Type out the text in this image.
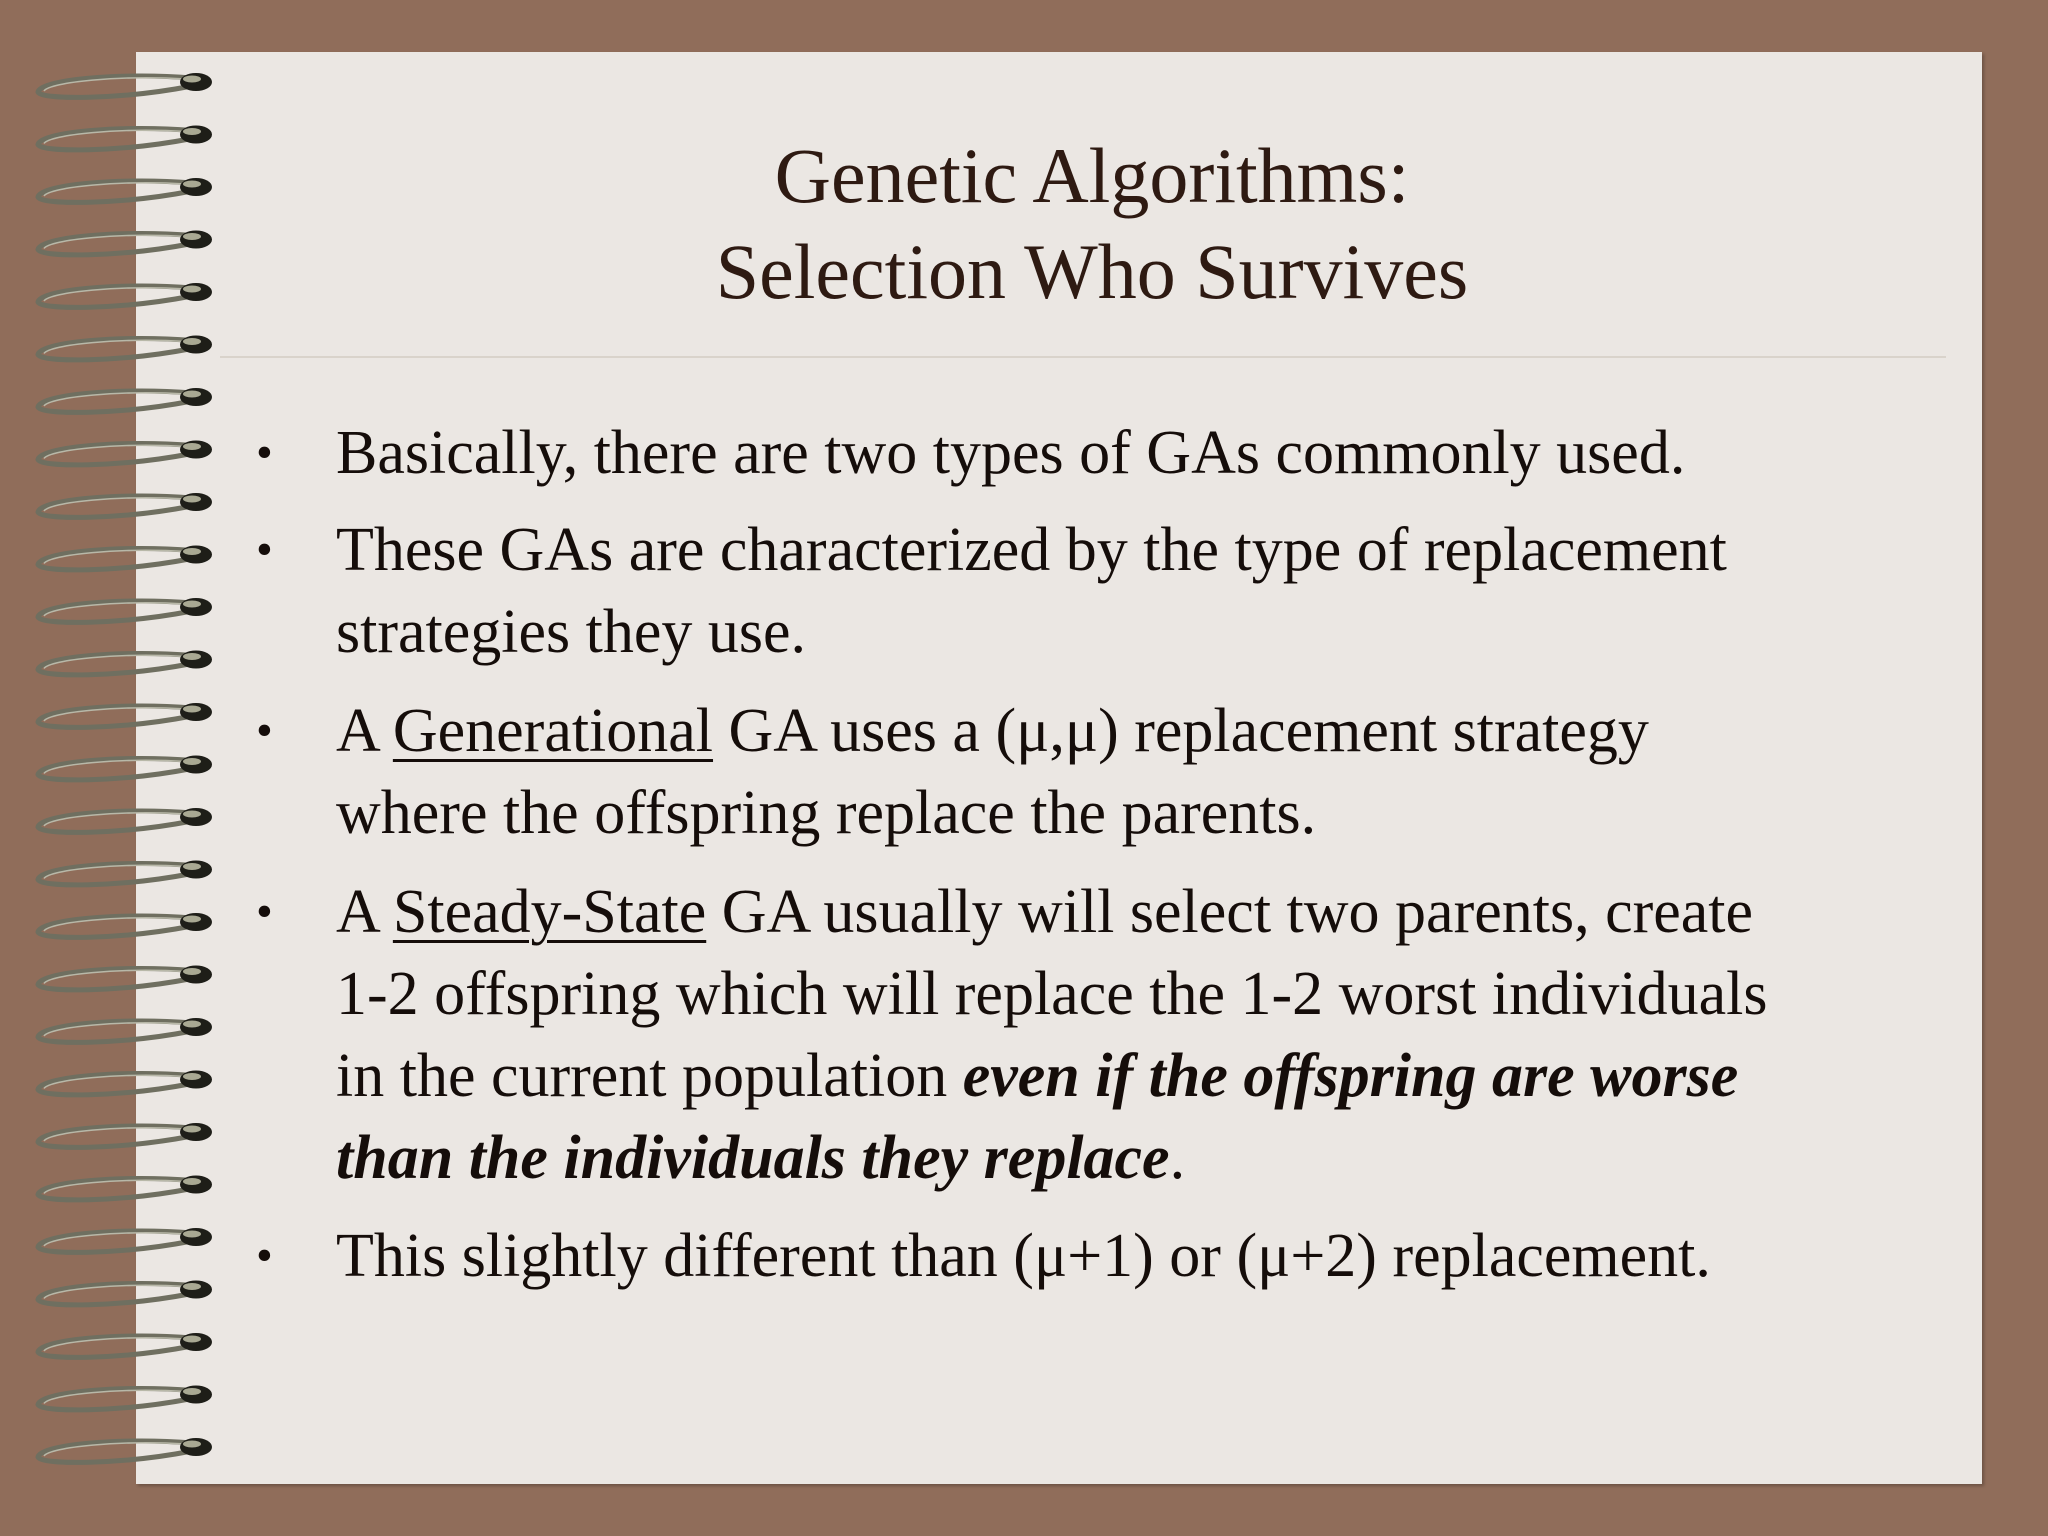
Genetic Algorithms:
Selection Who Survives
• Basically, there are two types of GAs commonly used.
• These GAs are characterized by the type of replacement
strategies they use.
• A Generational GA uses a (μ,μ) replacement strategy
where the offspring replace the parents.
• A Steady-State GA usually will select two parents, create
1-2 offspring which will replace the 1-2 worst individuals
in the current population even if the offspring are worse
than the individuals they replace.
• This slightly different than (μ+1) or (μ+2) replacement.
